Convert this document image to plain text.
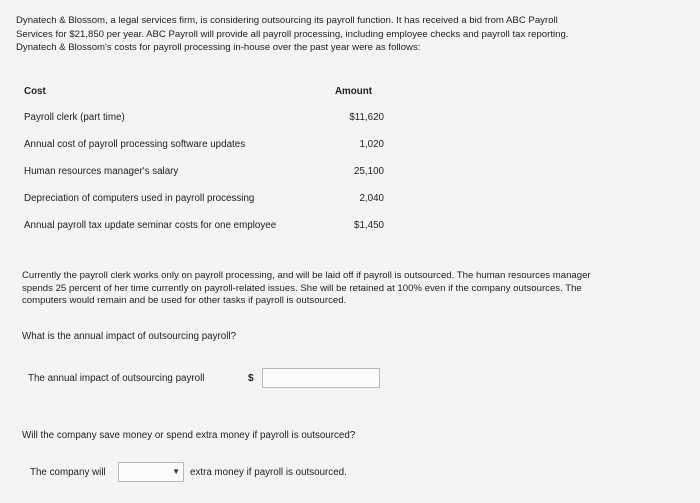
Dynatech & Blossom, a legal services firm, is considering outsourcing its payroll function. It has received a bid from ABC Payroll
Services for $21,850 per year. ABC Payroll will provide all payroll processing, including employee checks and payroll tax reporting.
Dynatech & Blossom's costs for payroll processing in-house over the past year were as follows:
Cost	Amount
Payroll clerk (part time)	$11,620
Annual cost of payroll processing software updates	1,020
Human resources manager's salary	25,100
Depreciation of computers used in payroll processing	2,040
Annual payroll tax update seminar costs for one employee	$1,450
Currently the payroll clerk works only on payroll processing, and will be laid off if payroll is outsourced. The human resources manager
spends 25 percent of her time currently on payroll-related issues. She will be retained at 100% even if the company outsources. The
computers would remain and be used for other tasks if payroll is outsourced.
What is the annual impact of outsourcing payroll?
The annual impact of outsourcing payroll	$
Will the company save money or spend extra money if payroll is outsourced?
The company will	▼ extra money if payroll is outsourced.
